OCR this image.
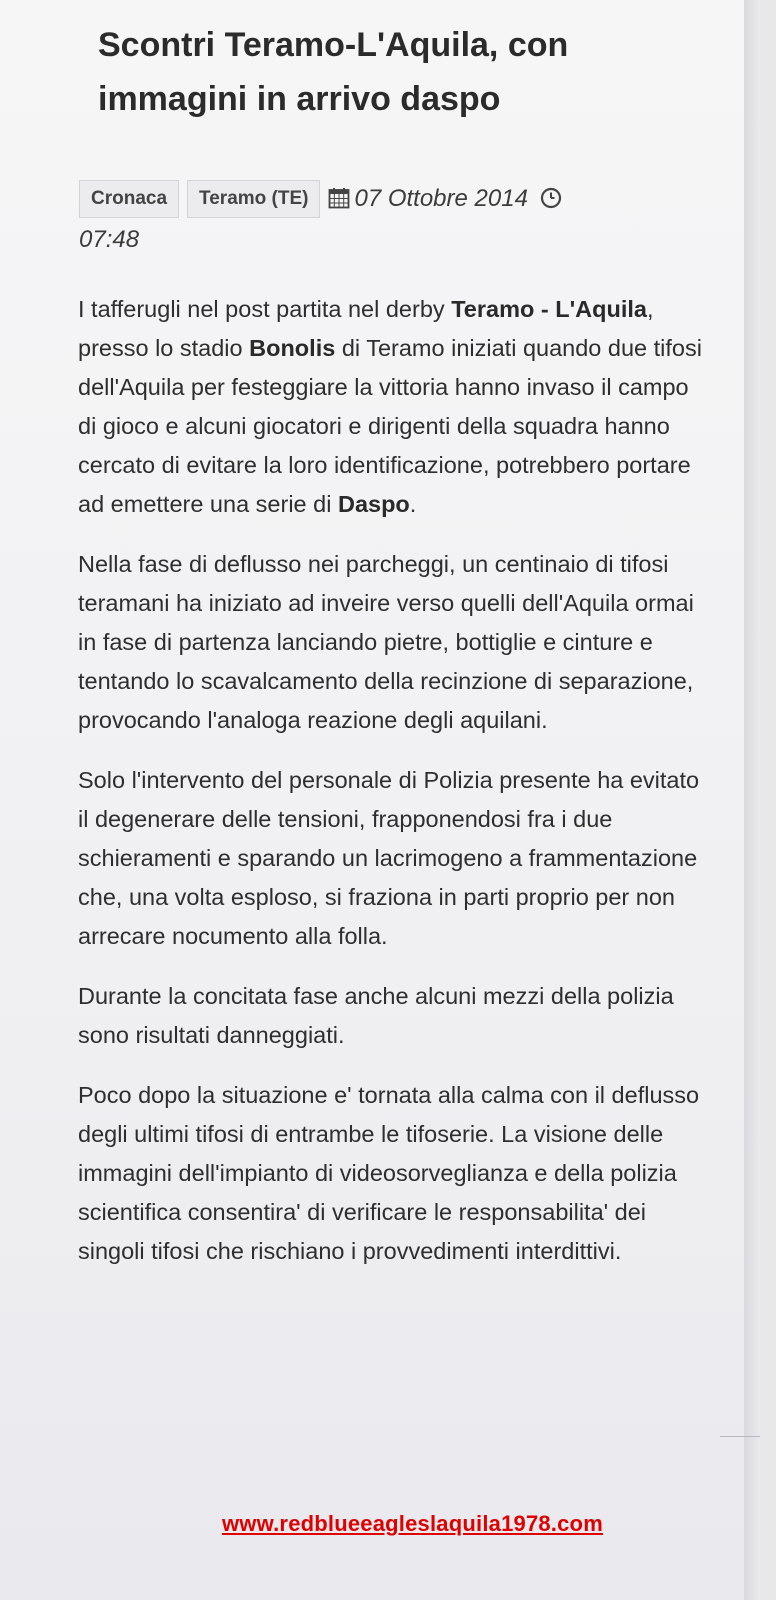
Scontri Teramo-L'Aquila, con immagini in arrivo daspo
Cronaca Teramo (TE) 07 Ottobre 2014
07:48

I tafferugli nel post partita nel derby Teramo - L'Aquila, presso lo stadio Bonolis di Teramo iniziati quando due tifosi dell'Aquila per festeggiare la vittoria hanno invaso il campo di gioco e alcuni giocatori e dirigenti della squadra hanno cercato di evitare la loro identificazione, potrebbero portare ad emettere una serie di Daspo.

Nella fase di deflusso nei parcheggi, un centinaio di tifosi teramani ha iniziato ad inveire verso quelli dell'Aquila ormai in fase di partenza lanciando pietre, bottiglie e cinture e tentando lo scavalcamento della recinzione di separazione, provocando l'analoga reazione degli aquilani.

Solo l'intervento del personale di Polizia presente ha evitato il degenerare delle tensioni, frapponendosi fra i due schieramenti e sparando un lacrimogeno a frammentazione che, una volta esploso, si fraziona in parti proprio per non arrecare nocumento alla folla.

Durante la concitata fase anche alcuni mezzi della polizia sono risultati danneggiati.

Poco dopo la situazione e' tornata alla calma con il deflusso degli ultimi tifosi di entrambe le tifoserie. La visione delle immagini dell'impianto di videosorveglianza e della polizia scientifica consentira' di verificare le responsabilita' dei singoli tifosi che rischiano i provvedimenti interdittivi.

www.redblueeagleslaquila1978.com
